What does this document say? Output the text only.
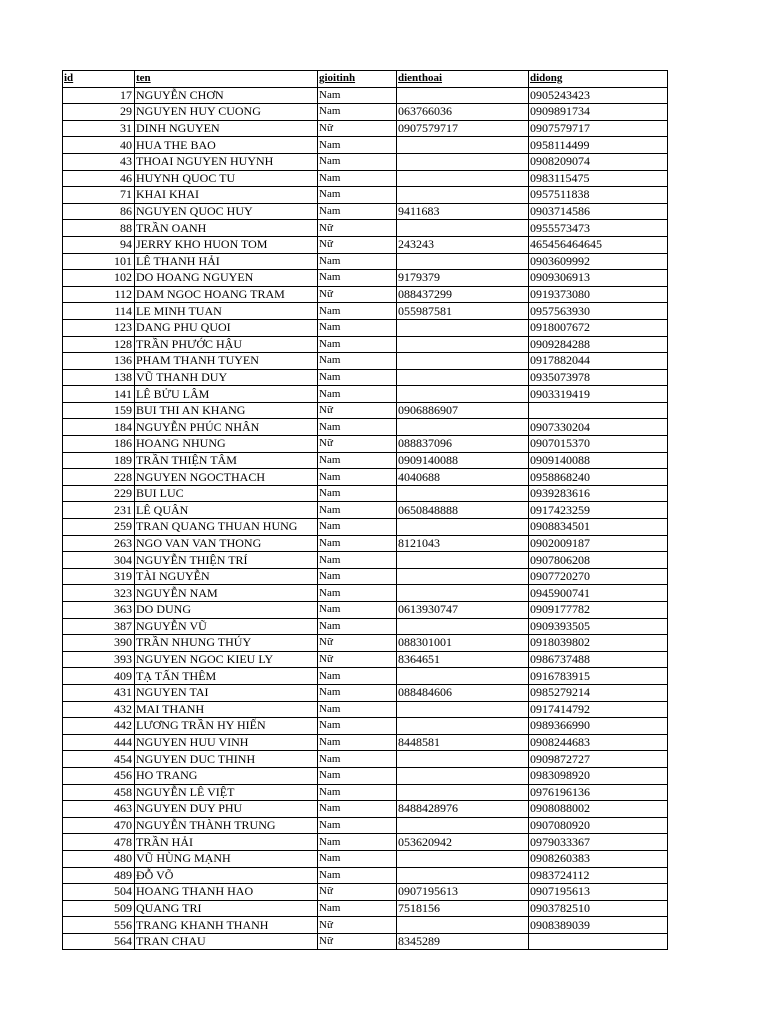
id	ten	gioitinh	dienthoai	didong
17	NGUYỄN CHƠN	Nam		0905243423
29	NGUYEN HUY CUONG	Nam	063766036	0909891734
31	DINH NGUYEN	Nữ	0907579717	0907579717
40	HUA THE BAO	Nam		0958114499
43	THOAI NGUYEN HUYNH	Nam		0908209074
46	HUYNH QUOC TU	Nam		0983115475
71	KHAI KHAI	Nam		0957511838
86	NGUYEN QUOC HUY	Nam	9411683	0903714586
88	TRẦN OANH	Nữ		0955573473
94	JERRY KHO HUON TOM	Nữ	243243	465456464645
101	LÊ THANH HẢI	Nam		0903609992
102	DO HOANG NGUYEN	Nam	9179379	0909306913
112	DAM NGOC HOANG TRAM	Nữ	088437299	0919373080
114	LE MINH TUAN	Nam	055987581	0957563930
123	DANG PHU QUOI	Nam		0918007672
128	TRẦN PHƯỚC HẬU	Nam		0909284288
136	PHAM THANH TUYEN	Nam		0917882044
138	VŨ THANH DUY	Nam		0935073978
141	LÊ BỬU LÂM	Nam		0903319419
159	BUI THI AN KHANG	Nữ	0906886907	
184	NGUYỄN PHÚC NHÂN	Nam		0907330204
186	HOANG NHUNG	Nữ	088837096	0907015370
189	TRẦN THIỆN TÂM	Nam	0909140088	0909140088
228	NGUYEN NGOCTHACH	Nam	4040688	0958868240
229	BUI LUC	Nam		0939283616
231	LÊ QUÂN	Nam	0650848888	0917423259
259	TRAN QUANG THUAN HUNG	Nam		0908834501
263	NGO VAN VAN THONG	Nam	8121043	0902009187
304	NGUYỄN THIỆN TRÍ	Nam		0907806208
319	TÀI NGUYỄN	Nam		0907720270
323	NGUYỄN NAM	Nam		0945900741
363	DO DUNG	Nam	0613930747	0909177782
387	NGUYỄN VŨ	Nam		0909393505
390	TRẦN NHUNG THÚY	Nữ	088301001	0918039802
393	NGUYEN NGOC KIEU LY	Nữ	8364651	0986737488
409	TẠ TẤN THÊM	Nam		0916783915
431	NGUYEN TAI	Nam	088484606	0985279214
432	MAI THANH	Nam		0917414792
442	LƯƠNG TRẦN HY HIẾN	Nam		0989366990
444	NGUYEN HUU VINH	Nam	8448581	0908244683
454	NGUYEN DUC THINH	Nam		0909872727
456	HO TRANG	Nam		0983098920
458	NGUYỄN LÊ VIỆT	Nam		0976196136
463	NGUYEN DUY PHU	Nam	8488428976	0908088002
470	NGUYỄN THÀNH TRUNG	Nam		0907080920
478	TRẦN HẢI	Nam	053620942	0979033367
480	VŨ HÙNG MẠNH	Nam		0908260383
489	ĐỖ VÕ	Nam		0983724112
504	HOANG THANH HAO	Nữ	0907195613	0907195613
509	QUANG TRI	Nam	7518156	0903782510
556	TRANG KHANH THANH	Nữ		0908389039
564	TRAN CHAU	Nữ	8345289	
